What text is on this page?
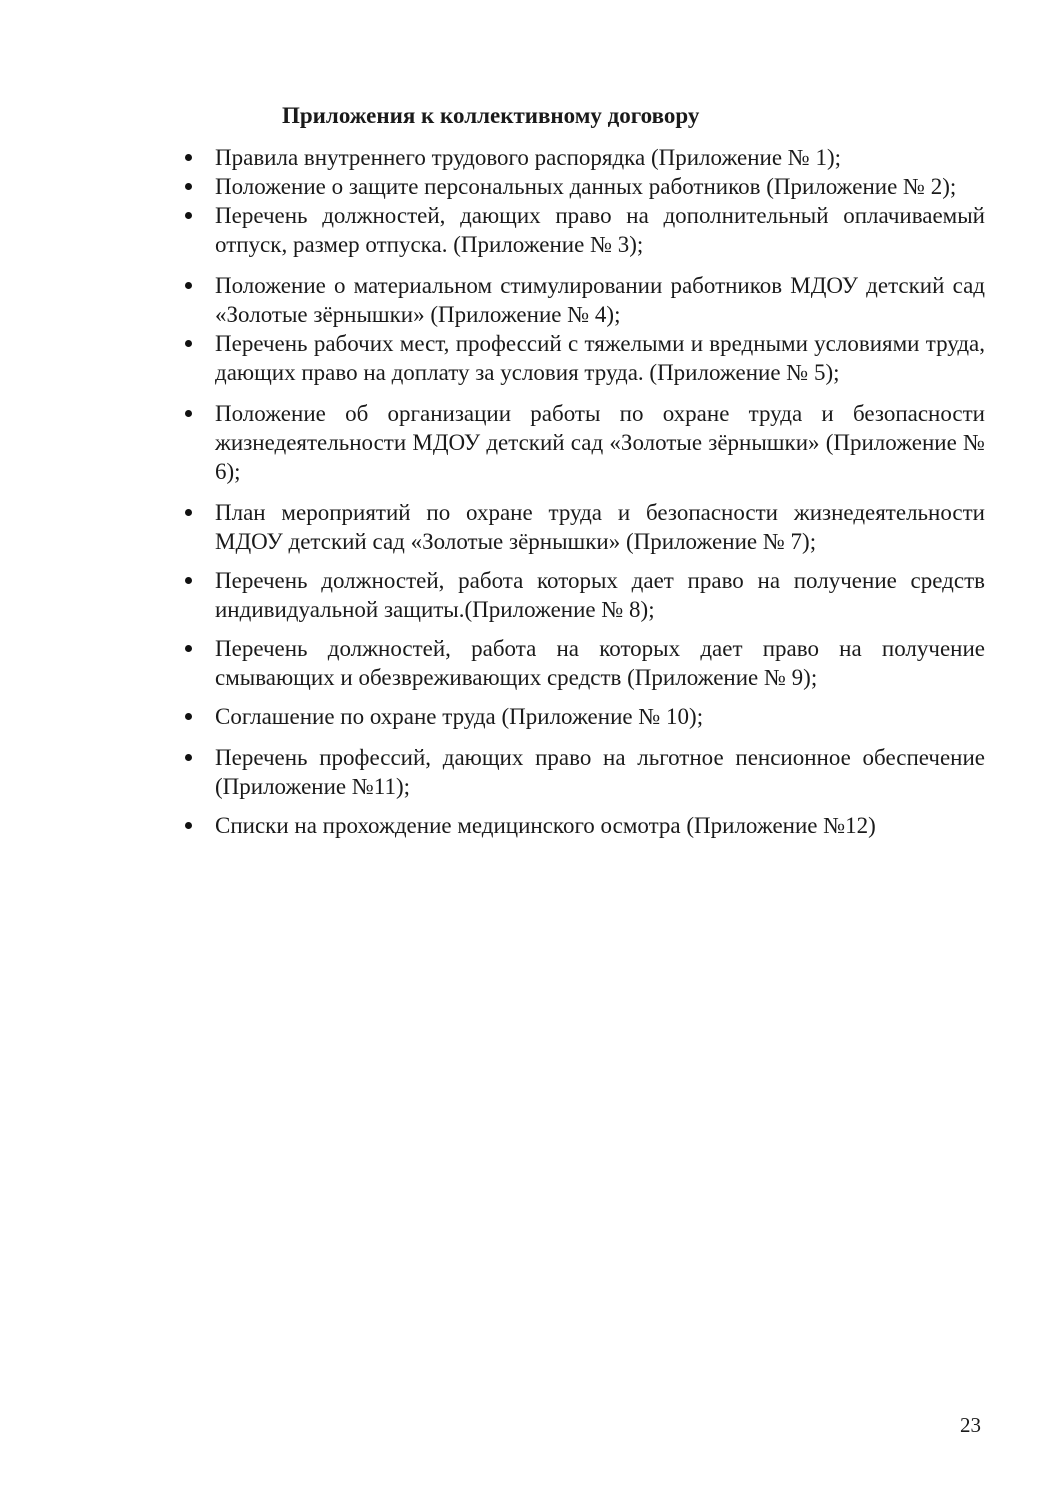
Приложения к коллективному договору
Правила внутреннего трудового распорядка (Приложение № 1);
Положение о защите персональных данных работников (Приложение № 2);
Перечень должностей, дающих право на дополнительный оплачиваемый отпуск, размер отпуска. (Приложение № 3);
Положение о материальном стимулировании работников МДОУ детский сад «Золотые зёрнышки» (Приложение № 4);
Перечень рабочих мест, профессий с тяжелыми и вредными условиями труда, дающих право на доплату за условия труда. (Приложение № 5);
Положение об организации работы по охране труда и безопасности жизнедеятельности МДОУ детский сад «Золотые зёрнышки» (Приложение № 6);
План мероприятий по охране труда и безопасности жизнедеятельности МДОУ детский сад «Золотые зёрнышки» (Приложение № 7);
Перечень должностей, работа которых дает право на получение средств индивидуальной защиты.(Приложение № 8);
Перечень должностей, работа на которых дает право на получение смывающих и обезвреживающих средств (Приложение № 9);
Соглашение по охране труда (Приложение № 10);
Перечень профессий, дающих право на льготное пенсионное обеспечение (Приложение №11);
Списки на прохождение медицинского осмотра (Приложение №12)
23
